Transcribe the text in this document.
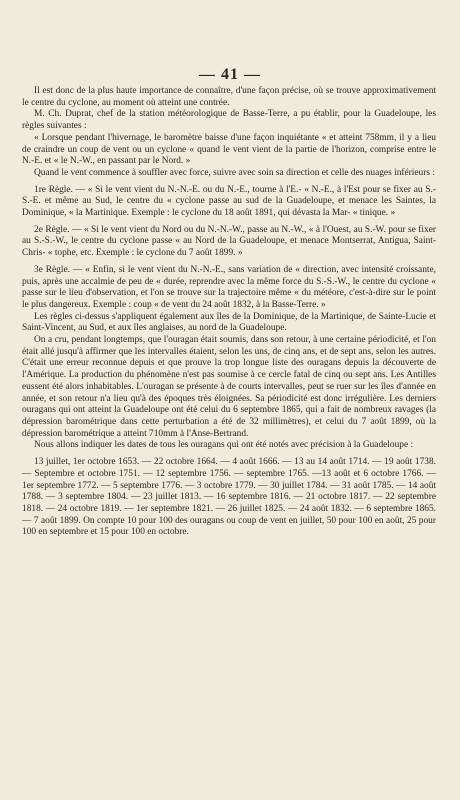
— 41 —

Il est donc de la plus haute importance de connaître, d'une façon précise, où se trouve approximativement le centre du cyclone, au moment où atteint une contrée.

M. Ch. Duprat, chef de la station météorologique de Basse-Terre, a pu établir, pour la Guadeloupe, les règles suivantes :

« Lorsque pendant l'hivernage, le baromètre baisse d'une façon inquiétante « et atteint 758mm, il y a lieu de craindre un coup de vent ou un cyclone « quand le vent vient de la partie de l'horizon, comprise entre le N.-E. et « le N.-W., en passant par le Nord. »

Quand le vent commence à souffler avec force, suivre avec soin sa direction et celle des nuages inférieurs :

1re Règle. — « Si le vent vient du N.-N.-E. ou du N.-E., tourne à l'E.- « N.-E., à l'Est pour se fixer au S.-S.-E. et même au Sud, le centre du « cyclone passe au sud de la Guadeloupe, et menace les Saintes, la Dominique, « la Martinique. Exemple : le cyclone du 18 août 1891, qui dévasta la Mar- « tinique. »

2e Règle. — « Si le vent vient du Nord ou du N.-N.-W., passe au N.-W., « à l'Ouest, au S.-W. pour se fixer au S.-S.-W., le centre du cyclone passe « au Nord de la Guadeloupe, et menace Montserrat, Antigua, Saint-Chris- « tophe, etc. Exemple : le cyclone du 7 août 1899. »

3e Règle. — « Enfin, si le vent vient du N.-N.-E., sans variation de « direction, avec intensité croissante, puis, après une accalmie de peu de « durée, reprendre avec la même force du S.-S.-W., le centre du cyclone « passe sur le lieu d'observation, et l'on se trouve sur la trajectoire même « du météore, c'est-à-dire sur le point le plus dangereux. Exemple : coup « de vent du 24 août 1832, à la Basse-Terre. »

Les règles ci-dessus s'appliquent également aux îles de la Dominique, de la Martinique, de Sainte-Lucie et Saint-Vincent, au Sud, et aux îles anglaises, au nord de la Guadeloupe.

On a cru, pendant longtemps, que l'ouragan était soumis, dans son retour, à une certaine périodicité, et l'on était allé jusqu'à affirmer que les intervalles étaient, selon les uns, de cinq ans, et de sept ans, selon les autres. C'était une erreur reconnue depuis et que prouve la trop longue liste des ouragans depuis la découverte de l'Amérique. La production du phénomène n'est pas soumise à ce cercle fatal de cinq ou sept ans. Les Antilles eussent été alors inhabitables. L'ouragan se présente à de courts intervalles, peut se ruer sur les îles d'année en année, et son retour n'a lieu qu'à des époques très éloignées. Sa périodicité est donc irrégulière. Les derniers ouragans qui ont atteint la Guadeloupe ont été celui du 6 septembre 1865, qui a fait de nombreux ravages (la dépression barométrique dans cette perturbation a été de 32 millimètres), et celui du 7 août 1899, où la dépression barométrique a atteint 710mm à l'Anse-Bertrand.

Nous allons indiquer les dates de tous les ouragans qui ont été notés avec précision à la Guadeloupe :

13 juillet, 1er octobre 1653. — 22 octobre 1664. — 4 août 1666. — 13 au 14 août 1714. — 19 août 1738. — Septembre et octobre 1751. — 12 septembre 1756. — septembre 1765. —13 août et 6 octobre 1766. — 1er septembre 1772. — 5 septembre 1776. — 3 octobre 1779. — 30 juillet 1784. — 31 août 1785. — 14 août 1788. — 3 septembre 1804. — 23 juillet 1813. — 16 septembre 1816. — 21 octobre 1817. — 22 septembre 1818. — 24 octobre 1819. — 1er septembre 1821. — 26 juillet 1825. — 24 août 1832. — 6 septembre 1865. — 7 août 1899. On compte 10 pour 100 des ouragans ou coup de vent en juillet, 50 pour 100 en août, 25 pour 100 en septembre et 15 pour 100 en octobre.
